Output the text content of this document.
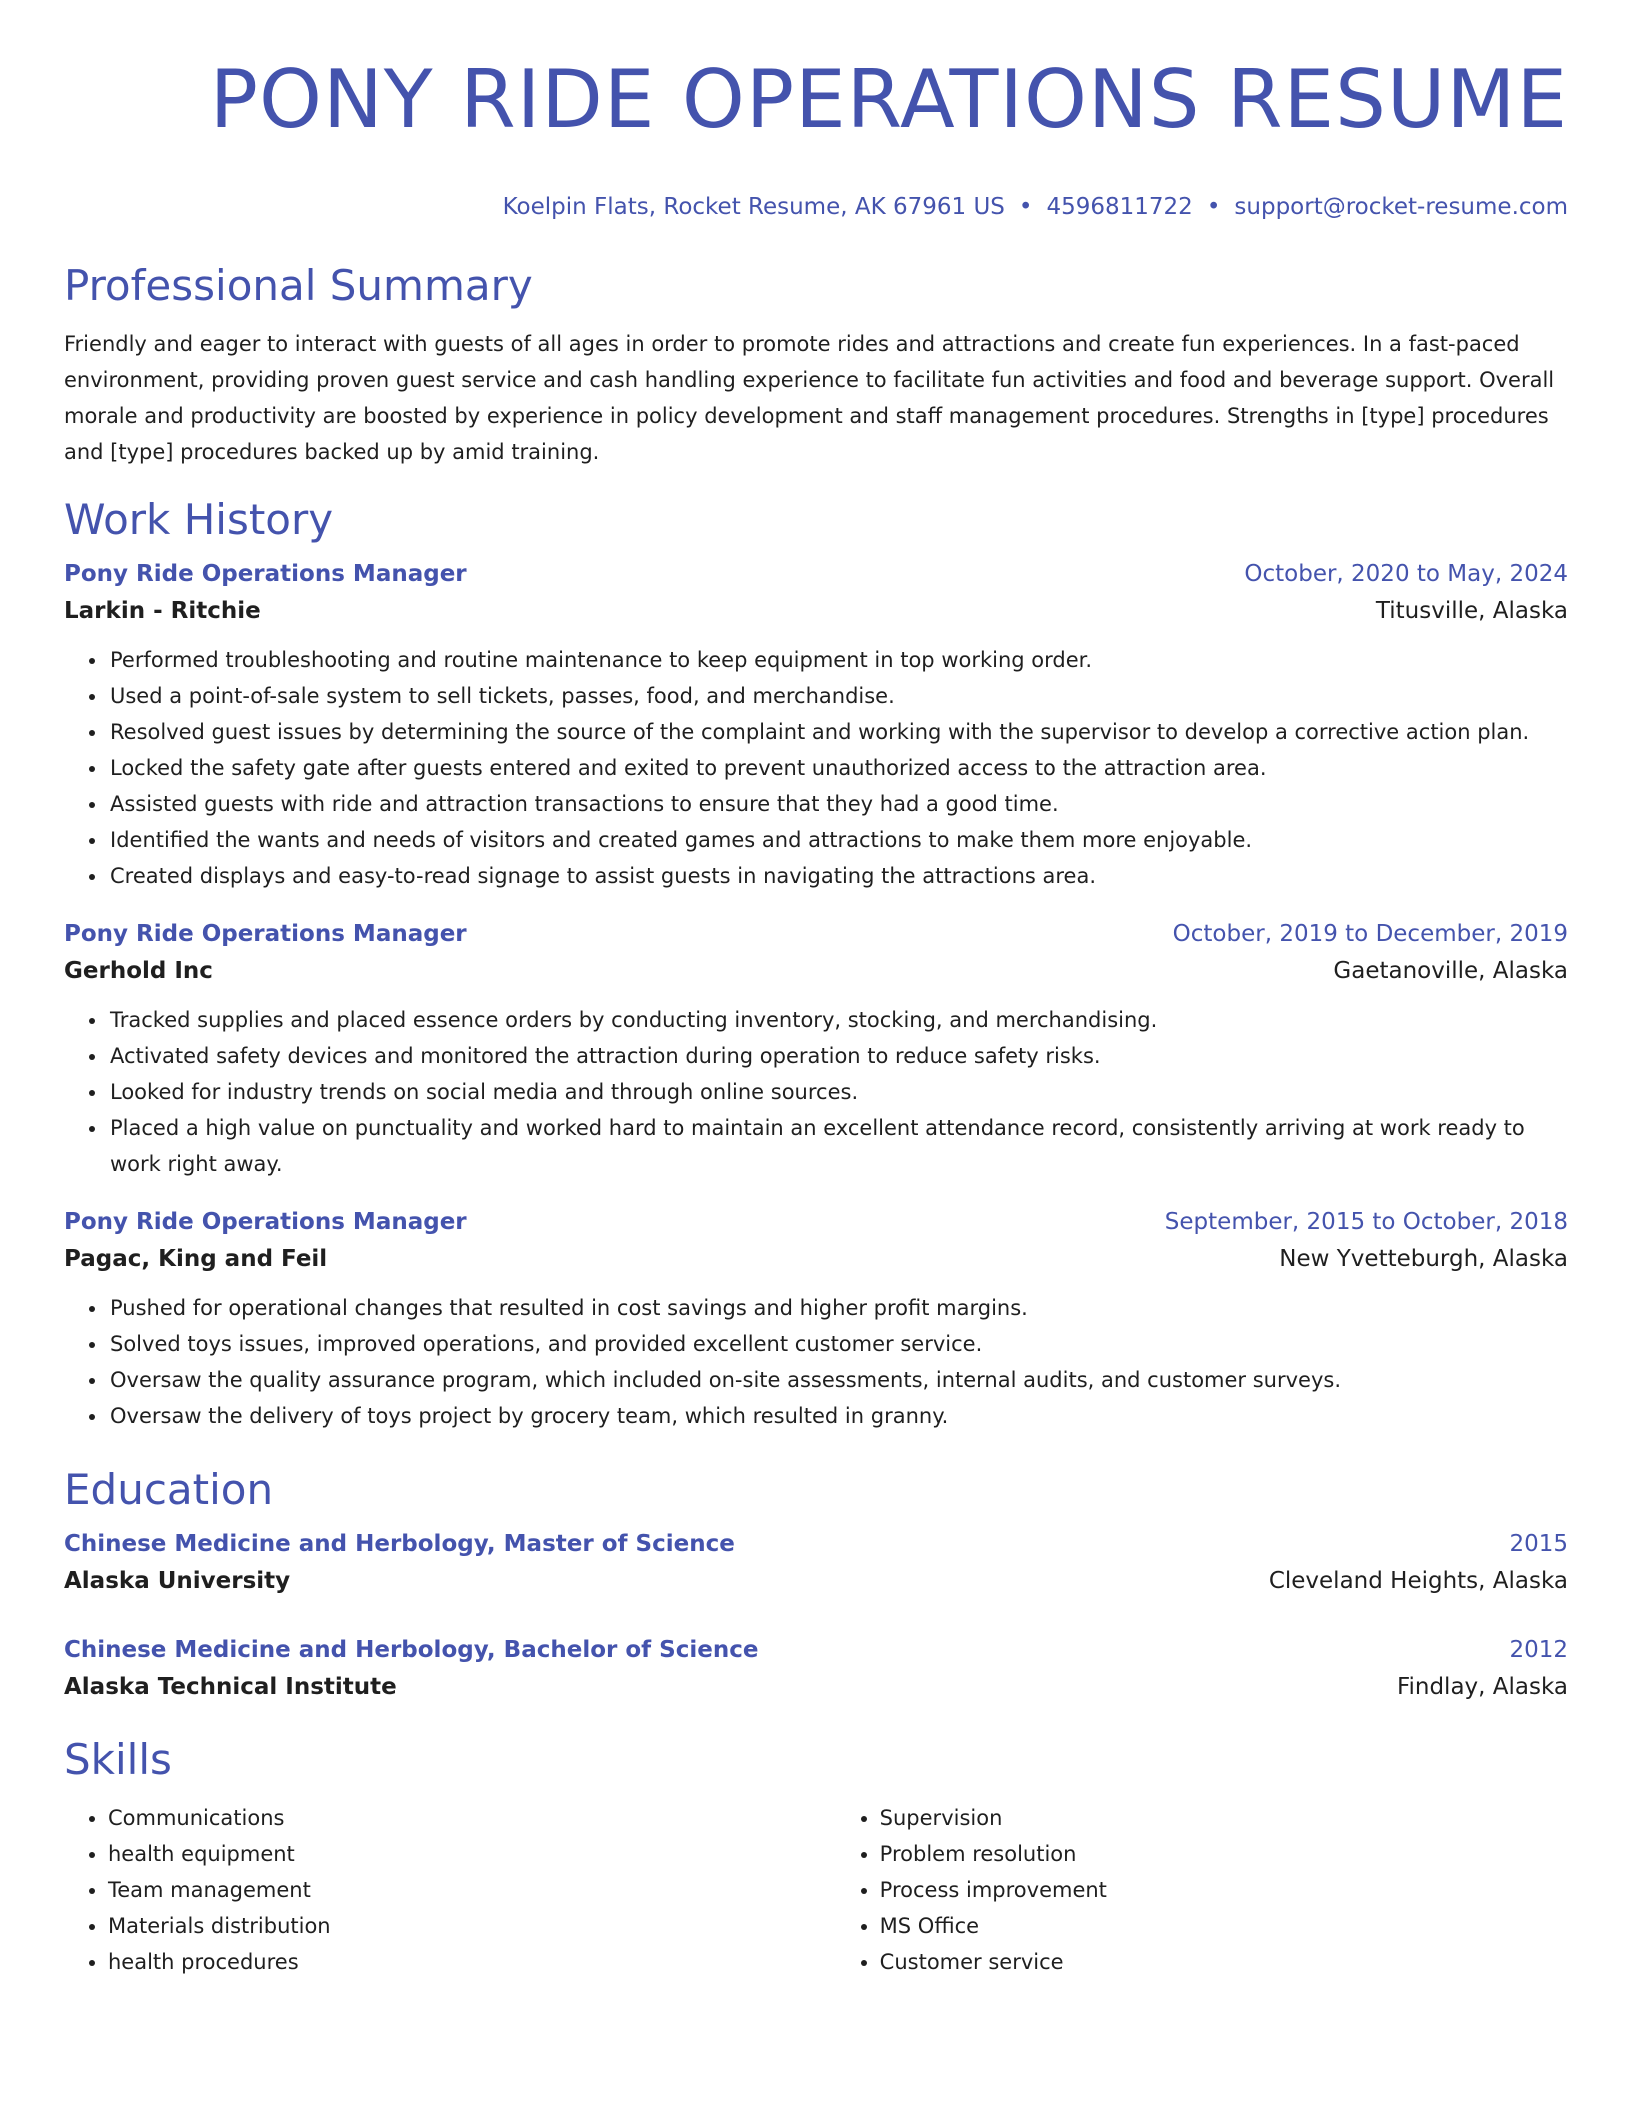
PONY RIDE OPERATIONS RESUME
Koelpin Flats, Rocket Resume, AK 67961 US • 4596811722 • support@rocket-resume.com
Professional Summary
Friendly and eager to interact with guests of all ages in order to promote rides and attractions and create fun experiences. In a fast-paced environment, providing proven guest service and cash handling experience to facilitate fun activities and food and beverage support. Overall morale and productivity are boosted by experience in policy development and staff management procedures. Strengths in [type] procedures and [type] procedures backed up by amid training.
Work History
Pony Ride Operations Manager	October, 2020 to May, 2024
Larkin - Ritchie	Titusville, Alaska
• Performed troubleshooting and routine maintenance to keep equipment in top working order.
• Used a point-of-sale system to sell tickets, passes, food, and merchandise.
• Resolved guest issues by determining the source of the complaint and working with the supervisor to develop a corrective action plan.
• Locked the safety gate after guests entered and exited to prevent unauthorized access to the attraction area.
• Assisted guests with ride and attraction transactions to ensure that they had a good time.
• Identified the wants and needs of visitors and created games and attractions to make them more enjoyable.
• Created displays and easy-to-read signage to assist guests in navigating the attractions area.
Pony Ride Operations Manager	October, 2019 to December, 2019
Gerhold Inc	Gaetanoville, Alaska
• Tracked supplies and placed essence orders by conducting inventory, stocking, and merchandising.
• Activated safety devices and monitored the attraction during operation to reduce safety risks.
• Looked for industry trends on social media and through online sources.
• Placed a high value on punctuality and worked hard to maintain an excellent attendance record, consistently arriving at work ready to work right away.
Pony Ride Operations Manager	September, 2015 to October, 2018
Pagac, King and Feil	New Yvetteburgh, Alaska
• Pushed for operational changes that resulted in cost savings and higher profit margins.
• Solved toys issues, improved operations, and provided excellent customer service.
• Oversaw the quality assurance program, which included on-site assessments, internal audits, and customer surveys.
• Oversaw the delivery of toys project by grocery team, which resulted in granny.
Education
Chinese Medicine and Herbology, Master of Science	2015
Alaska University	Cleveland Heights, Alaska
Chinese Medicine and Herbology, Bachelor of Science	2012
Alaska Technical Institute	Findlay, Alaska
Skills
• Communications
• health equipment
• Team management
• Materials distribution
• health procedures
• Supervision
• Problem resolution
• Process improvement
• MS Office
• Customer service
